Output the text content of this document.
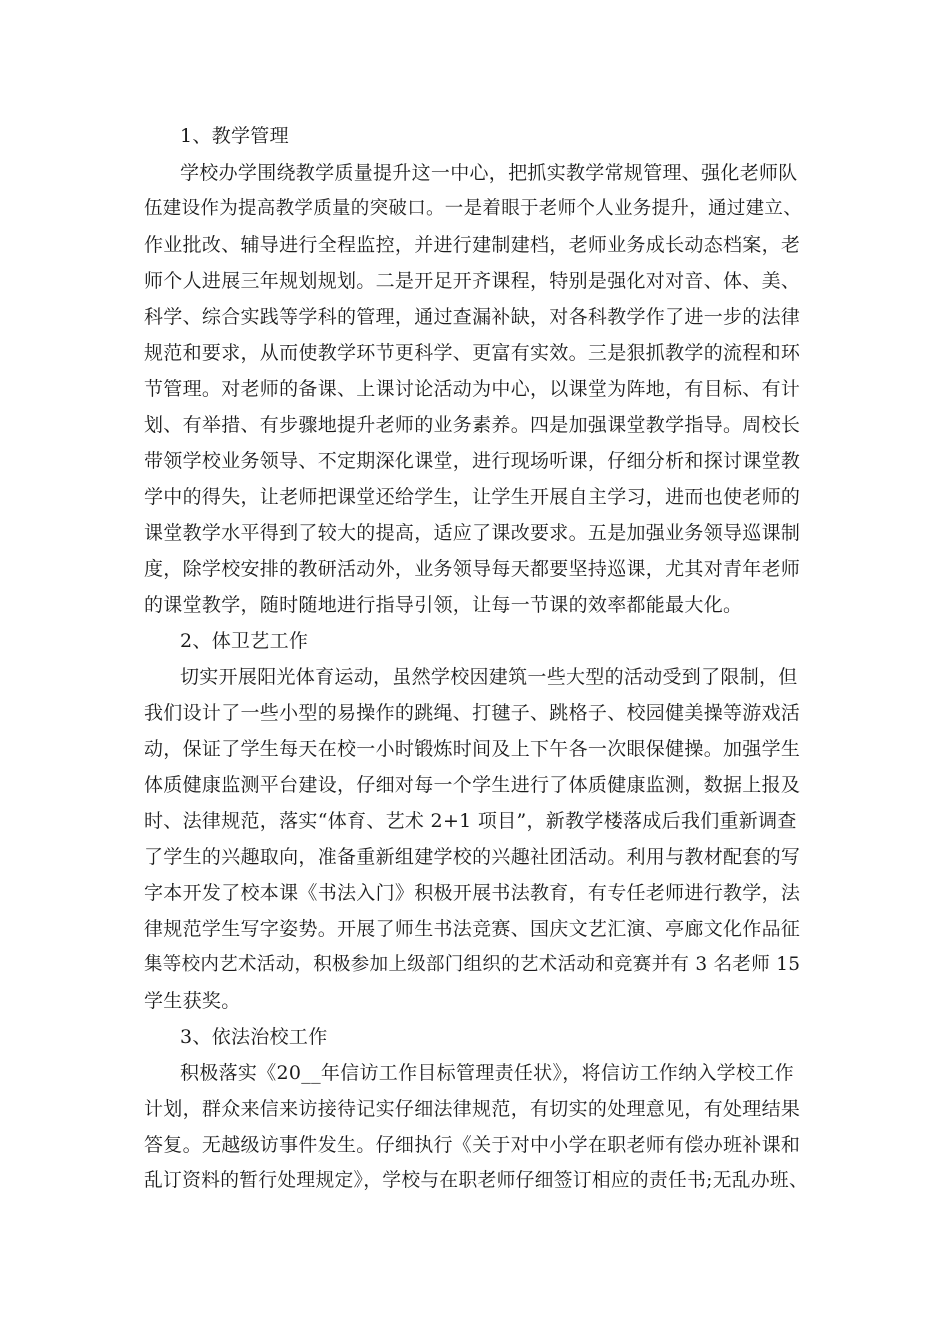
1、教学管理
学校办学围绕教学质量提升这一中心，把抓实教学常规管理、强化老师队
伍建设作为提高教学质量的突破口。一是着眼于老师个人业务提升，通过建立、
作业批改、辅导进行全程监控，并进行建制建档，老师业务成长动态档案，老
师个人进展三年规划规划。二是开足开齐课程，特别是强化对对音、体、美、
科学、综合实践等学科的管理，通过查漏补缺，对各科教学作了进一步的法律
规范和要求，从而使教学环节更科学、更富有实效。三是狠抓教学的流程和环
节管理。对老师的备课、上课讨论活动为中心，以课堂为阵地，有目标、有计
划、有举措、有步骤地提升老师的业务素养。四是加强课堂教学指导。周校长
带领学校业务领导、不定期深化课堂，进行现场听课，仔细分析和探讨课堂教
学中的得失，让老师把课堂还给学生，让学生开展自主学习，进而也使老师的
课堂教学水平得到了较大的提高，适应了课改要求。五是加强业务领导巡课制
度，除学校安排的教研活动外，业务领导每天都要坚持巡课，尤其对青年老师
的课堂教学，随时随地进行指导引领，让每一节课的效率都能最大化。
2、体卫艺工作
切实开展阳光体育运动，虽然学校因建筑一些大型的活动受到了限制，但
我们设计了一些小型的易操作的跳绳、打毽子、跳格子、校园健美操等游戏活
动，保证了学生每天在校一小时锻炼时间及上下午各一次眼保健操。加强学生
体质健康监测平台建设，仔细对每一个学生进行了体质健康监测，数据上报及
时、法律规范，落实“体育、艺术 2+1 项目”，新教学楼落成后我们重新调查
了学生的兴趣取向，准备重新组建学校的兴趣社团活动。利用与教材配套的写
字本开发了校本课《书法入门》积极开展书法教育，有专任老师进行教学，法
律规范学生写字姿势。开展了师生书法竞赛、国庆文艺汇演、亭廊文化作品征
集等校内艺术活动，积极参加上级部门组织的艺术活动和竞赛并有 3 名老师 15
学生获奖。
3、依法治校工作
积极落实《20__年信访工作目标管理责任状》，将信访工作纳入学校工作
计划，群众来信来访接待记实仔细法律规范，有切实的处理意见，有处理结果
答复。无越级访事件发生。仔细执行《关于对中小学在职老师有偿办班补课和
乱订资料的暂行处理规定》，学校与在职老师仔细签订相应的责任书;无乱办班、
